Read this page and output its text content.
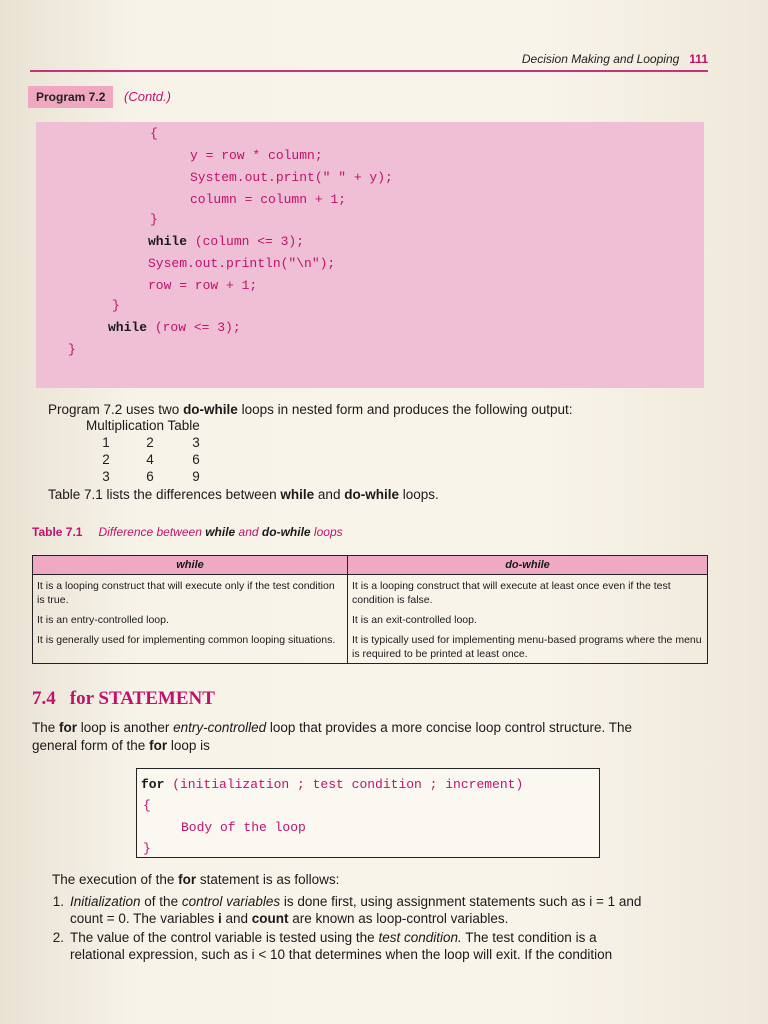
Decision Making and Looping 111
Program 7.2	(Contd.)
{
y = row * column;
System.out.print(" " + y);
column = column + 1;
}
while (column <= 3);
Sysem.out.println("\n");
row = row + 1;
}
while (row <= 3);
}
Program 7.2 uses two do-while loops in nested form and produces the following output:
Multiplication Table
1	2	3
2	4	6
3	6	9
Table 7.1 lists the differences between while and do-while loops.
Table 7.1 Difference between while and do-while loops
while	do-while
It is a looping construct that will execute only if the test condition is true.	It is a looping construct that will execute at least once even if the test condition is false.
It is an entry-controlled loop.	It is an exit-controlled loop.
It is generally used for implementing common looping situations.	It is typically used for implementing menu-based programs where the menu is required to be printed at least once.
7.4 for STATEMENT
The for loop is another entry-controlled loop that provides a more concise loop control structure. The
general form of the for loop is
for (initialization ; test condition ; increment)
{
Body of the loop
}
The execution of the for statement is as follows:
1. Initialization of the control variables is done first, using assignment statements such as i = 1 and
count = 0. The variables i and count are known as loop-control variables.
2. The value of the control variable is tested using the test condition. The test condition is a
relational expression, such as i < 10 that determines when the loop will exit. If the condition
